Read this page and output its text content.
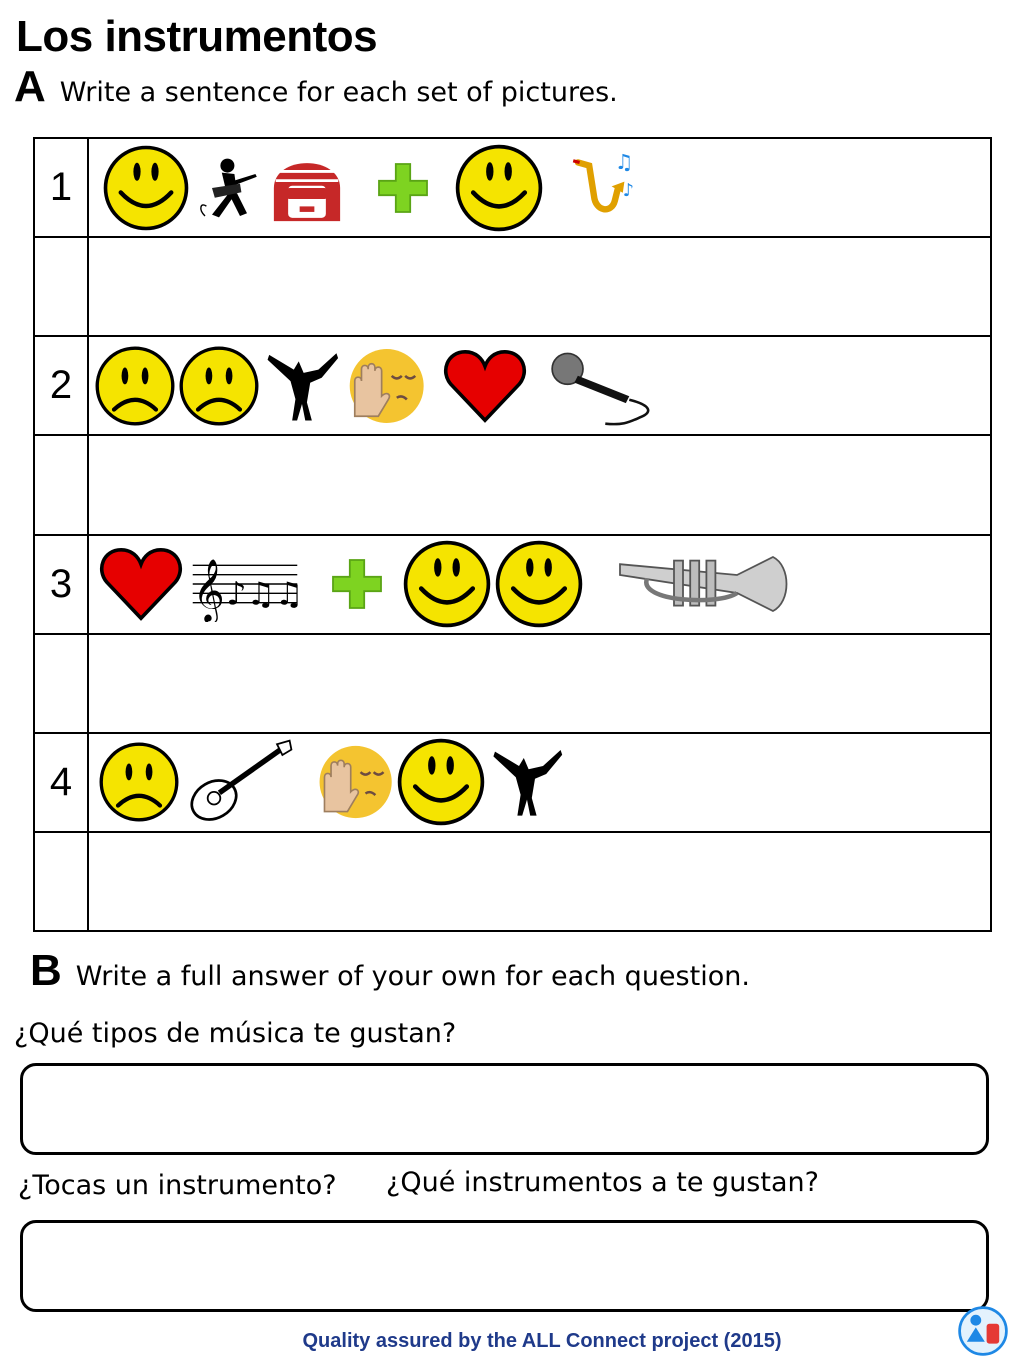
Los instrumentos
A Write a sentence for each set of pictures.
1	

2	

3	

4	

B Write a full answer of your own for each question.
¿Qué tipos de música te gustan?
¿Tocas un instrumento? ¿Qué instrumentos a te gustan?
Quality assured by the ALL Connect project (2015)
